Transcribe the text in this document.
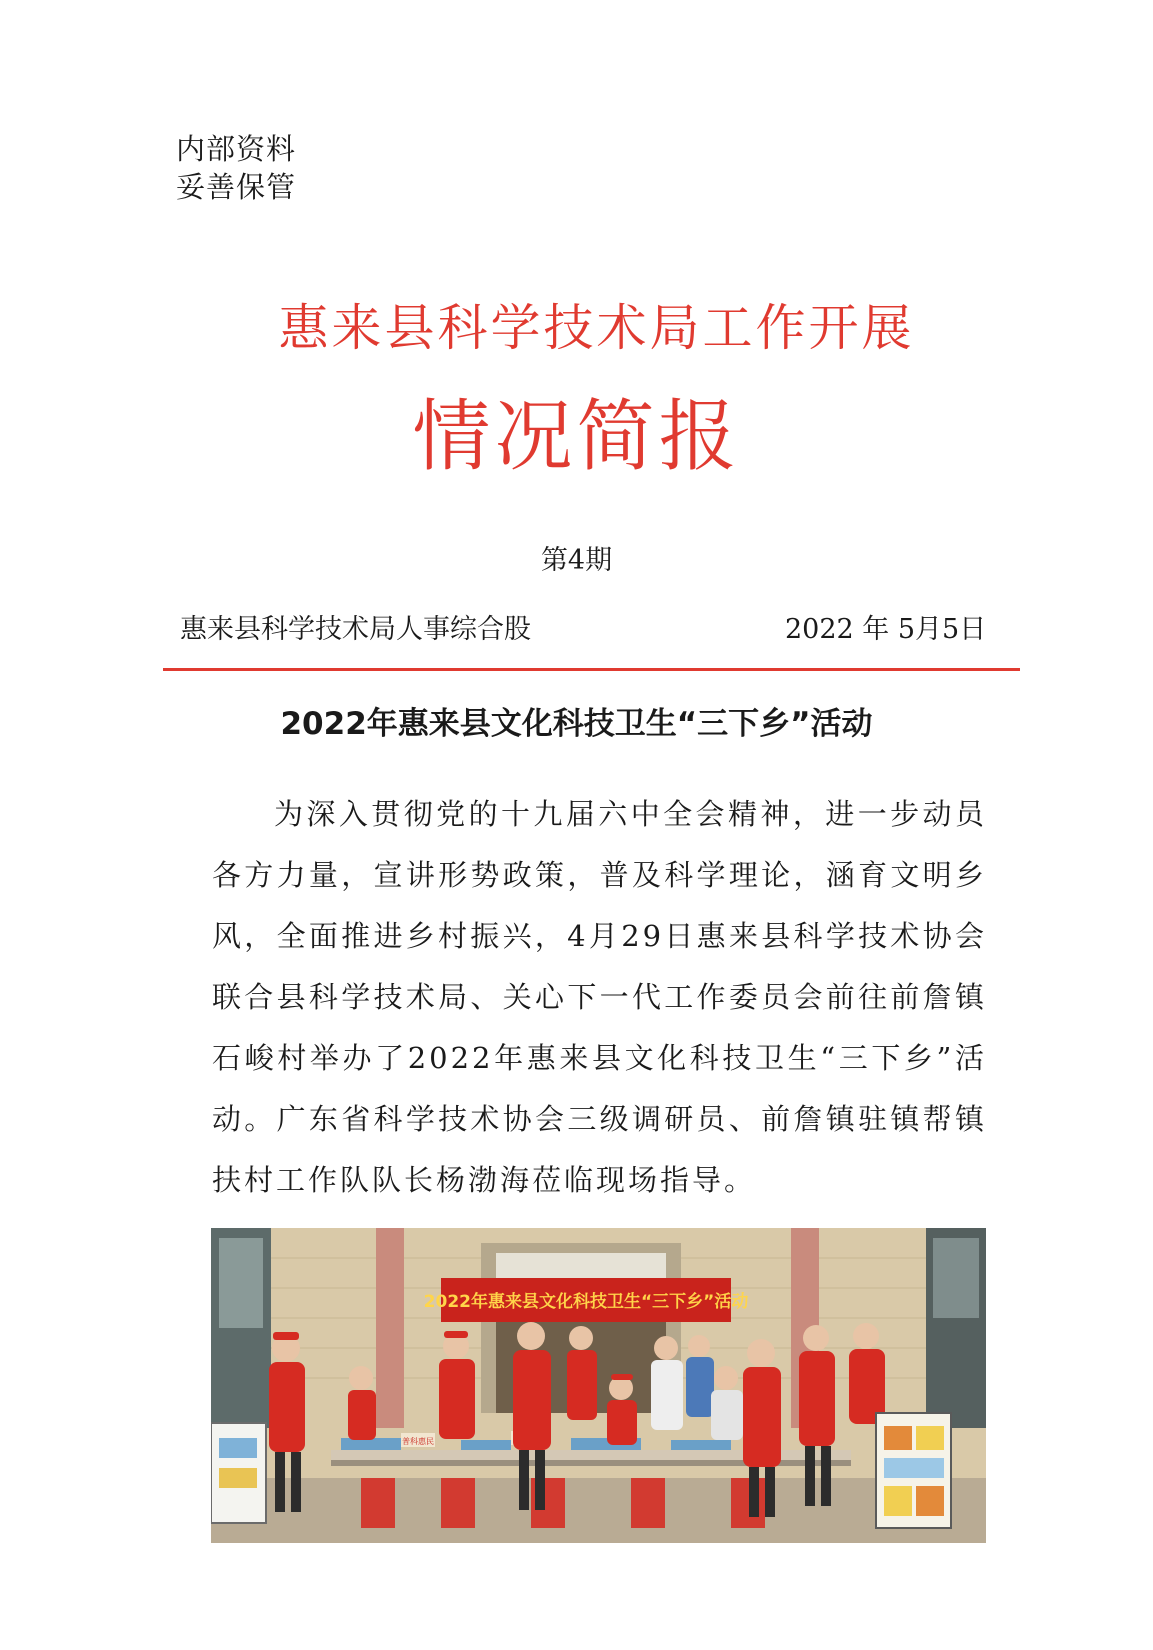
内部资料
妥善保管
惠来县科学技术局工作开展
情况简报
第4期
惠来县科学技术局人事综合股	2022 年 5月5日
2022年惠来县文化科技卫生“三下乡”活动
为深入贯彻党的十九届六中全会精神，进一步动员各方力量，宣讲形势政策，普及科学理论，涵育文明乡风，全面推进乡村振兴，4月29日惠来县科学技术协会联合县科学技术局、关心下一代工作委员会前往前詹镇石峻村举办了2022年惠来县文化科技卫生“三下乡”活动。广东省科学技术协会三级调研员、前詹镇驻镇帮镇扶村工作队队长杨渤海莅临现场指导。
2022年惠来县文化科技卫生“三下乡”活动
普科惠民
